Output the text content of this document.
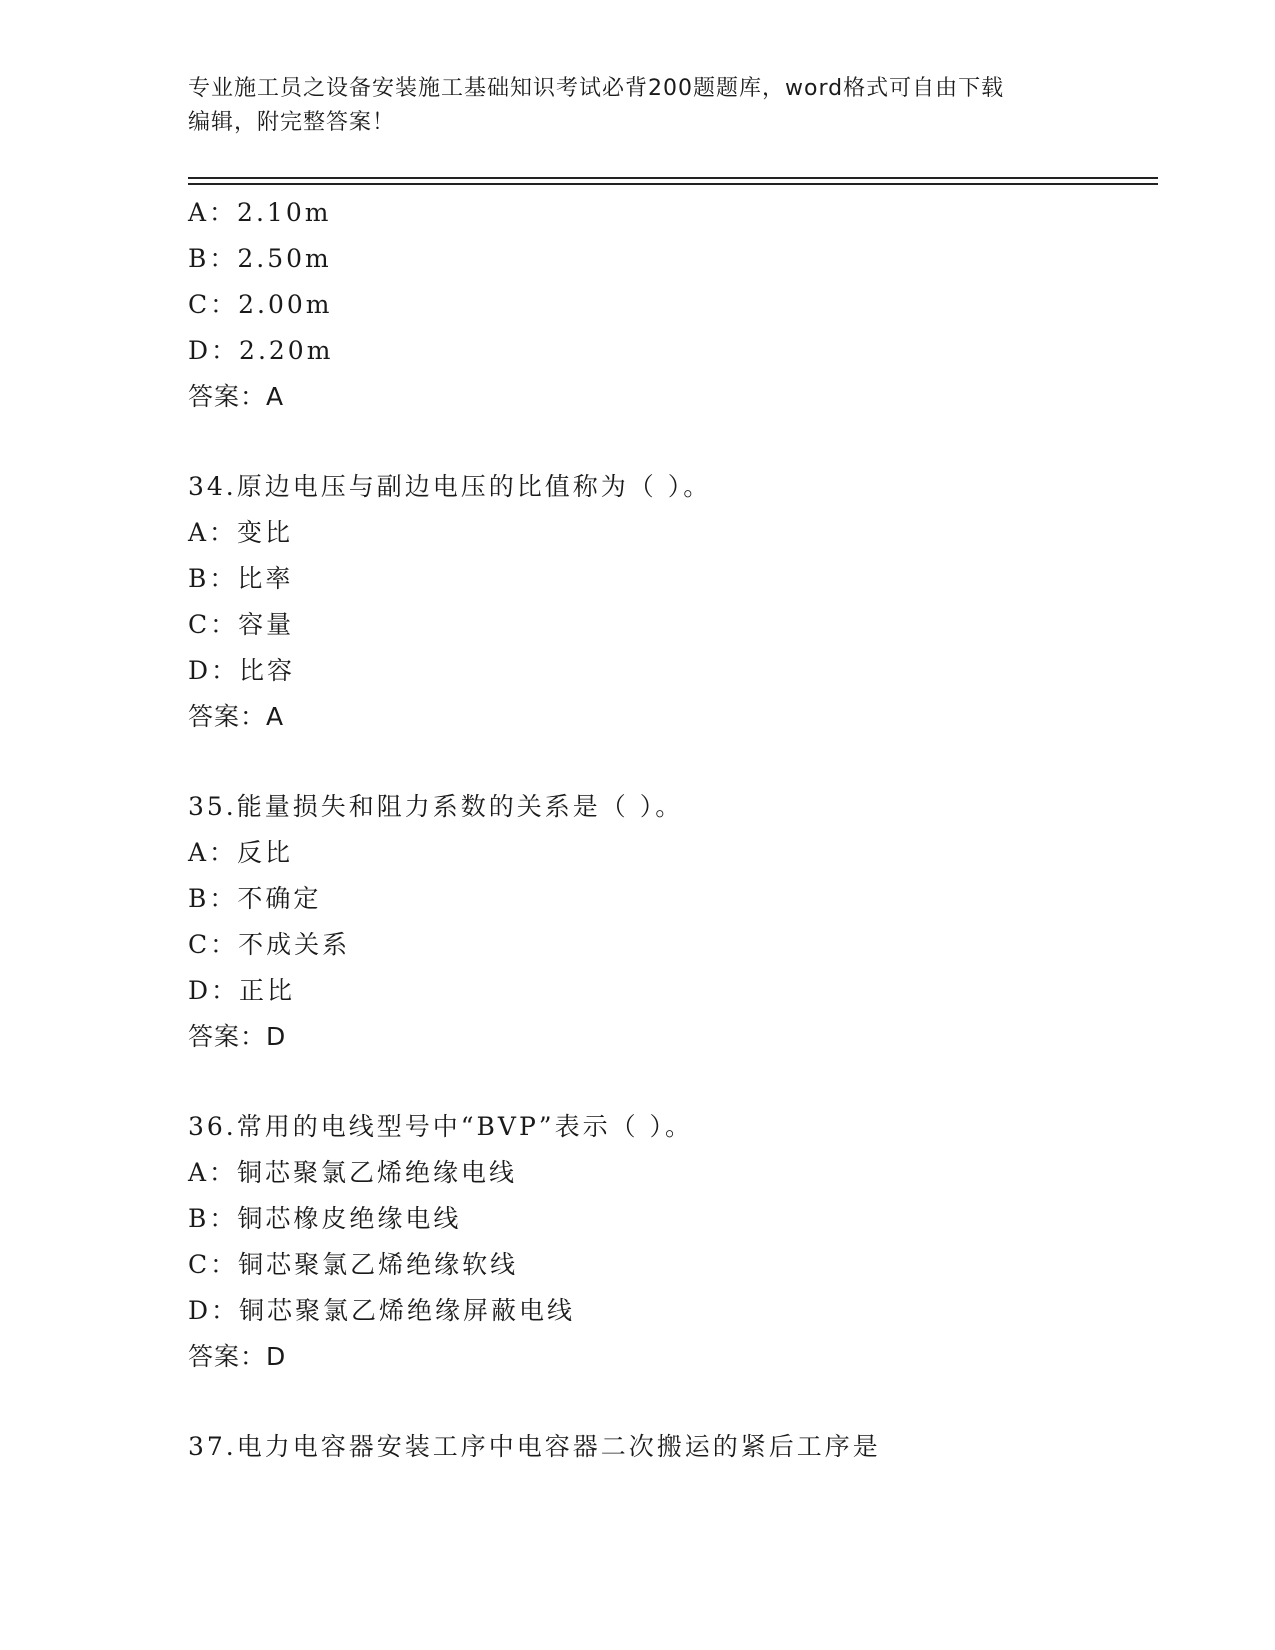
专业施工员之设备安装施工基础知识考试必背200题题库，word格式可自由下载
编辑，附完整答案！
A：2.10m
B：2.50m
C：2.00m
D：2.20m
答案：A
34.原边电压与副边电压的比值称为（ ）。
A：变比
B：比率
C：容量
D：比容
答案：A
35.能量损失和阻力系数的关系是（ ）。
A：反比
B：不确定
C：不成关系
D：正比
答案：D
36.常用的电线型号中“BVP”表示（ ）。
A：铜芯聚氯乙烯绝缘电线
B：铜芯橡皮绝缘电线
C：铜芯聚氯乙烯绝缘软线
D：铜芯聚氯乙烯绝缘屏蔽电线
答案：D
37.电力电容器安装工序中电容器二次搬运的紧后工序是
